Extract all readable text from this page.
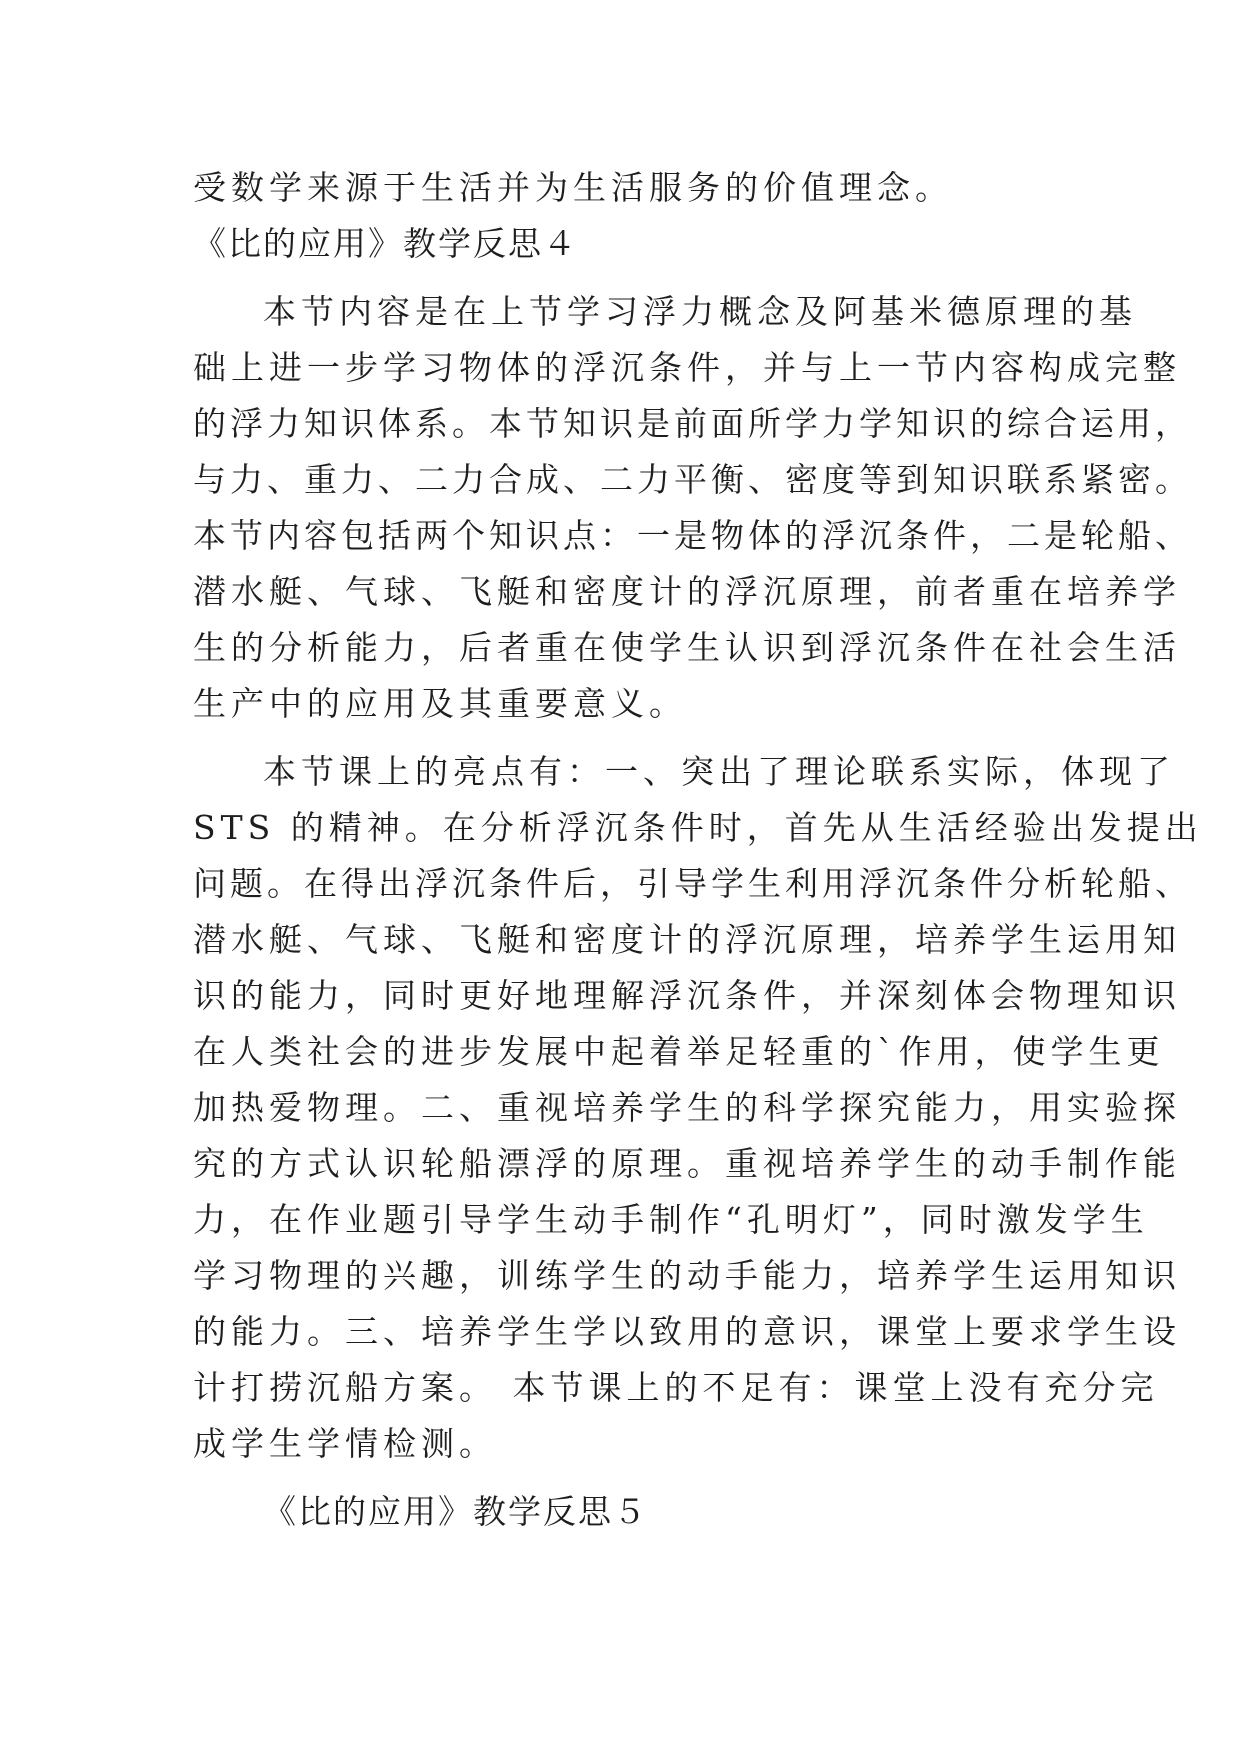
受数学来源于生活并为生活服务的价值理念。

《比的应用》教学反思４

本节内容是在上节学习浮力概念及阿基米德原理的基

础上进一步学习物体的浮沉条件，并与上一节内容构成完整

的浮力知识体系。本节知识是前面所学力学知识的综合运用，

与力、重力、二力合成、二力平衡、密度等到知识联系紧密。

本节内容包括两个知识点：一是物体的浮沉条件，二是轮船、

潜水艇、气球、飞艇和密度计的浮沉原理，前者重在培养学

生的分析能力，后者重在使学生认识到浮沉条件在社会生活

生产中的应用及其重要意义。

本节课上的亮点有：一、突出了理论联系实际，体现了

STS 的精神。在分析浮沉条件时，首先从生活经验出发提出

问题。在得出浮沉条件后，引导学生利用浮沉条件分析轮船、

潜水艇、气球、飞艇和密度计的浮沉原理，培养学生运用知

识的能力，同时更好地理解浮沉条件，并深刻体会物理知识

在人类社会的进步发展中起着举足轻重的`作用，使学生更

加热爱物理。二、重视培养学生的科学探究能力，用实验探

究的方式认识轮船漂浮的原理。重视培养学生的动手制作能

力，在作业题引导学生动手制作“孔明灯”，同时激发学生

学习物理的兴趣，训练学生的动手能力，培养学生运用知识

的能力。三、培养学生学以致用的意识，课堂上要求学生设

计打捞沉船方案。 本节课上的不足有：课堂上没有充分完

成学生学情检测。

《比的应用》教学反思５
